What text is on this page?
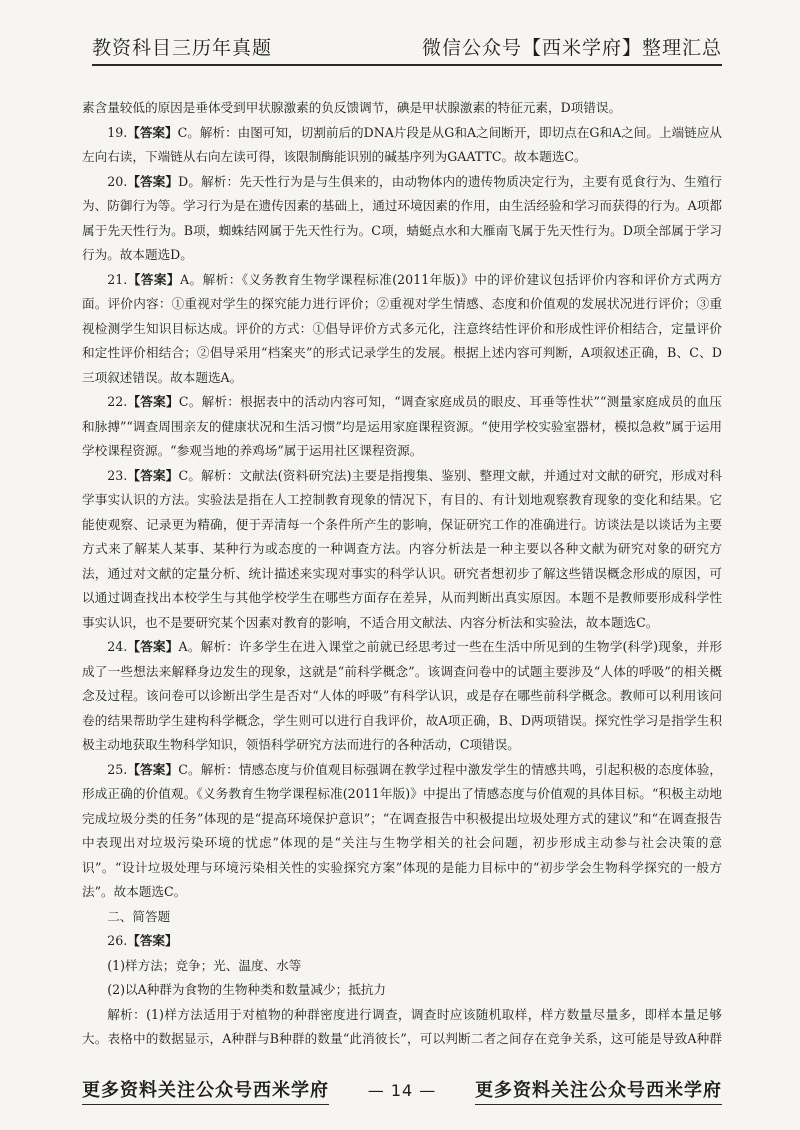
教资科目三历年真题	微信公众号【西米学府】整理汇总

素含量较低的原因是垂体受到甲状腺激素的负反馈调节，碘是甲状腺激素的特征元素，D项错误。

19.【答案】C。解析：由图可知，切割前后的DNA片段是从G和A之间断开，即切点在G和A之间。上端链应从左向右读，下端链从右向左读可得，该限制酶能识别的碱基序列为GAATTC。故本题选C。

20.【答案】D。解析：先天性行为是与生俱来的，由动物体内的遗传物质决定行为，主要有觅食行为、生殖行为、防御行为等。学习行为是在遗传因素的基础上，通过环境因素的作用，由生活经验和学习而获得的行为。A项都属于先天性行为。B项，蜘蛛结网属于先天性行为。C项，蜻蜓点水和大雁南飞属于先天性行为。D项全部属于学习行为。故本题选D。

21.【答案】A。解析：《义务教育生物学课程标准(2011年版)》中的评价建议包括评价内容和评价方式两方面。评价内容：①重视对学生的探究能力进行评价；②重视对学生情感、态度和价值观的发展状况进行评价；③重视检测学生知识目标达成。评价的方式：①倡导评价方式多元化，注意终结性评价和形成性评价相结合，定量评价和定性评价相结合；②倡导采用“档案夹”的形式记录学生的发展。根据上述内容可判断，A项叙述正确，B、C、D三项叙述错误。故本题选A。

22.【答案】C。解析：根据表中的活动内容可知，“调查家庭成员的眼皮、耳垂等性状”“测量家庭成员的血压和脉搏”“调查周围亲友的健康状况和生活习惯”均是运用家庭课程资源。“使用学校实验室器材，模拟急救”属于运用学校课程资源。“参观当地的养鸡场”属于运用社区课程资源。

23.【答案】C。解析：文献法(资料研究法)主要是指搜集、鉴别、整理文献，并通过对文献的研究，形成对科学事实认识的方法。实验法是指在人工控制教育现象的情况下，有目的、有计划地观察教育现象的变化和结果。它能使观察、记录更为精确，便于弄清每一个条件所产生的影响，保证研究工作的准确进行。访谈法是以谈话为主要方式来了解某人某事、某种行为或态度的一种调查方法。内容分析法是一种主要以各种文献为研究对象的研究方法，通过对文献的定量分析、统计描述来实现对事实的科学认识。研究者想初步了解这些错误概念形成的原因，可以通过调查找出本校学生与其他学校学生在哪些方面存在差异，从而判断出真实原因。本题不是教师要形成科学性事实认识，也不是要研究某个因素对教育的影响，不适合用文献法、内容分析法和实验法，故本题选C。

24.【答案】A。解析：许多学生在进入课堂之前就已经思考过一些在生活中所见到的生物学(科学)现象，并形成了一些想法来解释身边发生的现象，这就是“前科学概念”。该调查问卷中的试题主要涉及“人体的呼吸”的相关概念及过程。该问卷可以诊断出学生是否对“人体的呼吸”有科学认识，或是存在哪些前科学概念。教师可以利用该问卷的结果帮助学生建构科学概念，学生则可以进行自我评价，故A项正确，B、D两项错误。探究性学习是指学生积极主动地获取生物科学知识，领悟科学研究方法而进行的各种活动，C项错误。

25.【答案】C。解析：情感态度与价值观目标强调在教学过程中激发学生的情感共鸣，引起积极的态度体验，形成正确的价值观。《义务教育生物学课程标准(2011年版)》中提出了情感态度与价值观的具体目标。“积极主动地完成垃圾分类的任务”体现的是“提高环境保护意识”；“在调查报告中积极提出垃圾处理方式的建议”和“在调查报告中表现出对垃圾污染环境的忧虑”体现的是“关注与生物学相关的社会问题，初步形成主动参与社会决策的意识”。“设计垃圾处理与环境污染相关性的实验探究方案”体现的是能力目标中的“初步学会生物科学探究的一般方法”。故本题选C。

二、简答题

26.【答案】

(1)样方法；竞争；光、温度、水等

(2)以A种群为食物的生物种类和数量减少；抵抗力

解析：(1)样方法适用于对植物的种群密度进行调查，调查时应该随机取样，样方数量尽量多，即样本量足够大。表格中的数据显示，A种群与B种群的数量“此消彼长”，可以判断二者之间存在竞争关系，这可能是导致A种群

更多资料关注公众号西米学府 — 14 — 更多资料关注公众号西米学府
